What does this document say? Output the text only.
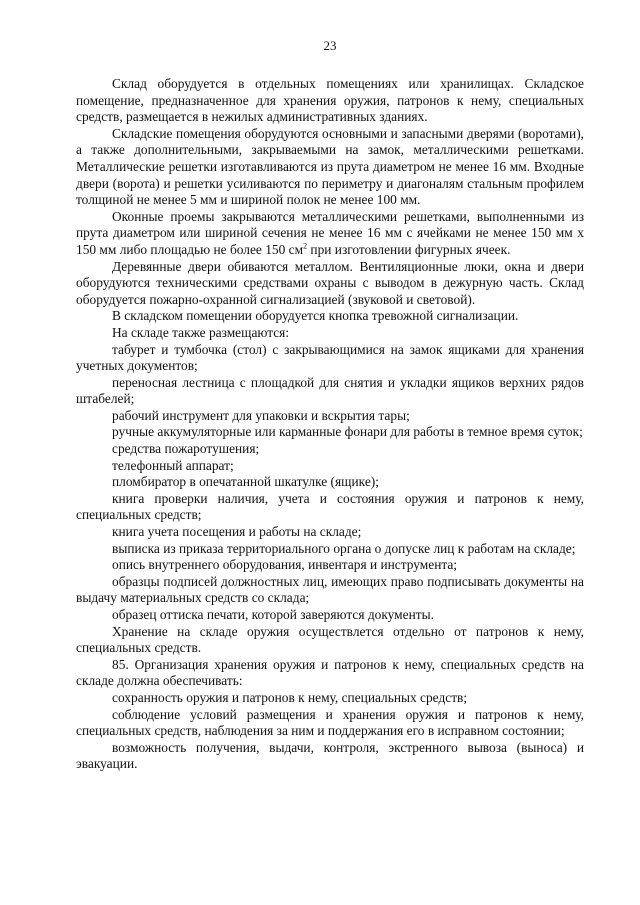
23

Склад оборудуется в отдельных помещениях или хранилищах. Складское помещение, предназначенное для хранения оружия, патронов к нему, специальных средств, размещается в нежилых административных зданиях.

Складские помещения оборудуются основными и запасными дверями (воротами), а также дополнительными, закрываемыми на замок, металлическими решетками. Металлические решетки изготавливаются из прута диаметром не менее 16 мм. Входные двери (ворота) и решетки усиливаются по периметру и диагоналям стальным профилем толщиной не менее 5 мм и шириной полок не менее 100 мм.

Оконные проемы закрываются металлическими решетками, выполненными из прута диаметром или шириной сечения не менее 16 мм с ячейками не менее 150 мм х 150 мм либо площадью не более 150 $см^2$ при изготовлении фигурных ячеек.

Деревянные двери обиваются металлом. Вентиляционные люки, окна и двери оборудуются техническими средствами охраны с выводом в дежурную часть. Склад оборудуется пожарно-охранной сигнализацией (звуковой и световой).

В складском помещении оборудуется кнопка тревожной сигнализации.

На складе также размещаются:

табурет и тумбочка (стол) с закрывающимися на замок ящиками для хранения учетных документов;

переносная лестница с площадкой для снятия и укладки ящиков верхних рядов штабелей;

рабочий инструмент для упаковки и вскрытия тары;

ручные аккумуляторные или карманные фонари для работы в темное время суток;

средства пожаротушения;

телефонный аппарат;

пломбиратор в опечатанной шкатулке (ящике);

книга проверки наличия, учета и состояния оружия и патронов к нему, специальных средств;

книга учета посещения и работы на складе;

выписка из приказа территориального органа о допуске лиц к работам на складе;

опись внутреннего оборудования, инвентаря и инструмента;

образцы подписей должностных лиц, имеющих право подписывать документы на выдачу материальных средств со склада;

образец оттиска печати, которой заверяются документы.

Хранение на складе оружия осуществлется отдельно от патронов к нему, специальных средств.

85. Организация хранения оружия и патронов к нему, специальных средств на складе должна обеспечивать:

сохранность оружия и патронов к нему, специальных средств;

соблюдение условий размещения и хранения оружия и патронов к нему, специальных средств, наблюдения за ним и поддержания его в исправном состоянии;

возможность получения, выдачи, контроля, экстренного вывоза (выноса) и эвакуации.
